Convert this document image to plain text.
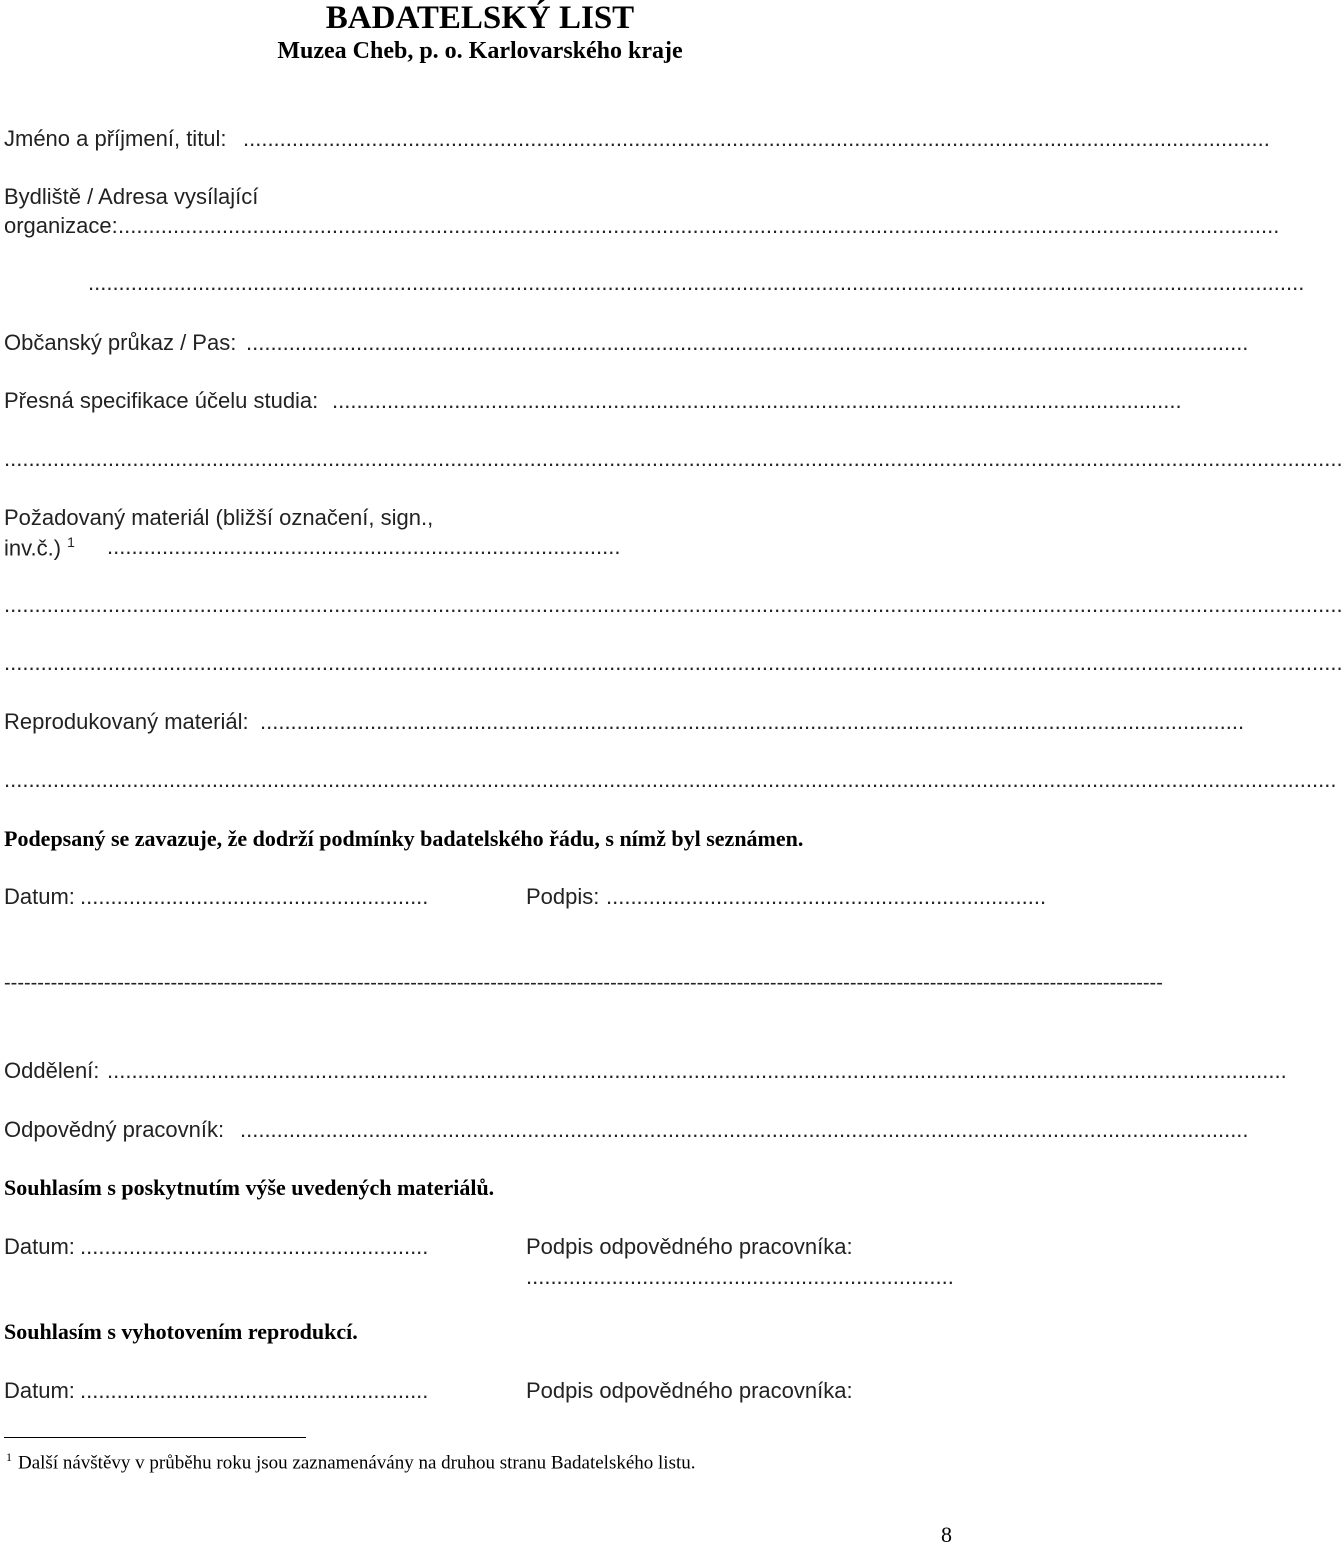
BADATELSKÝ LIST
Muzea Cheb, p. o. Karlovarského kraje
Jméno a příjmení, titul: ........................................................................................................................................................................
Bydliště / Adresa vysílající
organizace: ..............................................................................................................................................................................................
.......................................................................................................................................................................................................
Občanský průkaz / Pas: ....................................................................................................................................................................
Přesná specifikace účelu studia: ...........................................................................................................................................
...........................................................................................................................................................................................................................
Požadovaný materiál (bližší označení, sign.,
inv.č.) $^1$ ....................................................................................
...........................................................................................................................................................................................................................
...........................................................................................................................................................................................................................
Reprodukovaný materiál: .................................................................................................................................................................
..........................................................................................................................................................................................................................
Podepsaný se zavazuje, že dodrží podmínky badatelského řádu, s nímž byl seznámen.
Datum: .........................................................	Podpis: ........................................................................
------------------------------------------------------------------------------------------------------------------------------------------------------------------------------
Oddělení: .................................................................................................................................................................................................
Odpovědný pracovník: .....................................................................................................................................................................
Souhlasím s poskytnutím výše uvedených materiálů.
Datum: .........................................................	Podpis odpovědného pracovníka:
......................................................................
Souhlasím s vyhotovením reprodukcí.
Datum: .........................................................	Podpis odpovědného pracovníka:
$^1$ Další návštěvy v průběhu roku jsou zaznamenávány na druhou stranu Badatelského listu.
8
